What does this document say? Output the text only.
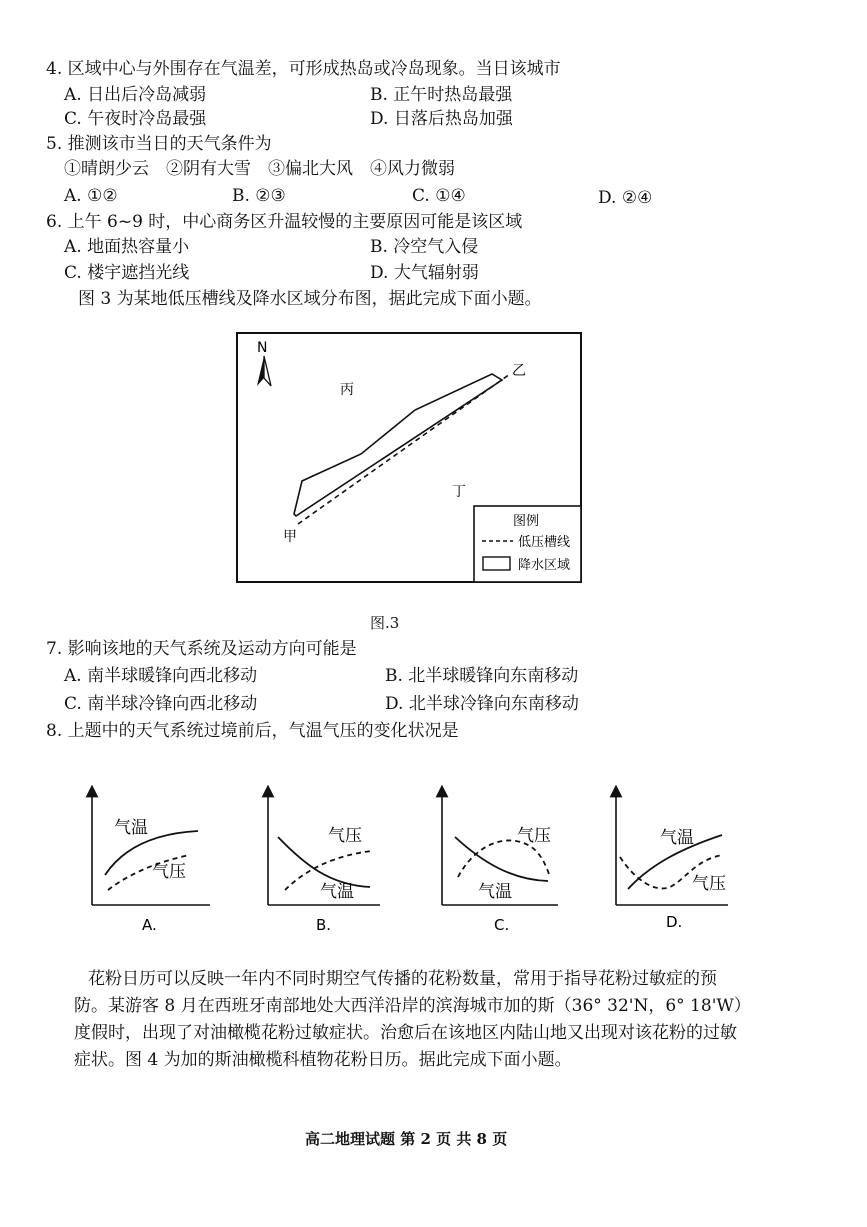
4. 区域中心与外围存在气温差，可形成热岛或冷岛现象。当日该城市
A. 日出后冷岛减弱	B. 正午时热岛最强
C. 午夜时冷岛最强	D. 日落后热岛加强
5. 推测该市当日的天气条件为
①晴朗少云　②阴有大雪　③偏北大风　④风力微弱
A. ①②	B. ②③	C. ①④	D. ②④
6. 上午 6~9 时，中心商务区升温较慢的主要原因可能是该区域
A. 地面热容量小	B. 冷空气入侵
C. 楼宇遮挡光线	D. 大气辐射弱
图 3 为某地低压槽线及降水区域分布图，据此完成下面小题。
N
丙
乙
丁
甲
图例
低压槽线
降水区域
图.3
7. 影响该地的天气系统及运动方向可能是
A. 南半球暖锋向西北移动	B. 北半球暖锋向东南移动
C. 南半球冷锋向西北移动	D. 北半球冷锋向东南移动
8. 上题中的天气系统过境前后，气温气压的变化状况是
气温
气压
A.
气压
气温
B.
气压
气温
C.
气温
气压
D.

花粉日历可以反映一年内不同时期空气传播的花粉数量，常用于指导花粉过敏症的预

防。某游客 8 月在西班牙南部地处大西洋沿岸的滨海城市加的斯（36° 32'N，6° 18'W）

度假时，出现了对油橄榄花粉过敏症状。治愈后在该地区内陆山地又出现对该花粉的过敏

症状。图 4 为加的斯油橄榄科植物花粉日历。据此完成下面小题。

高二地理试题 第 2 页 共 8 页
